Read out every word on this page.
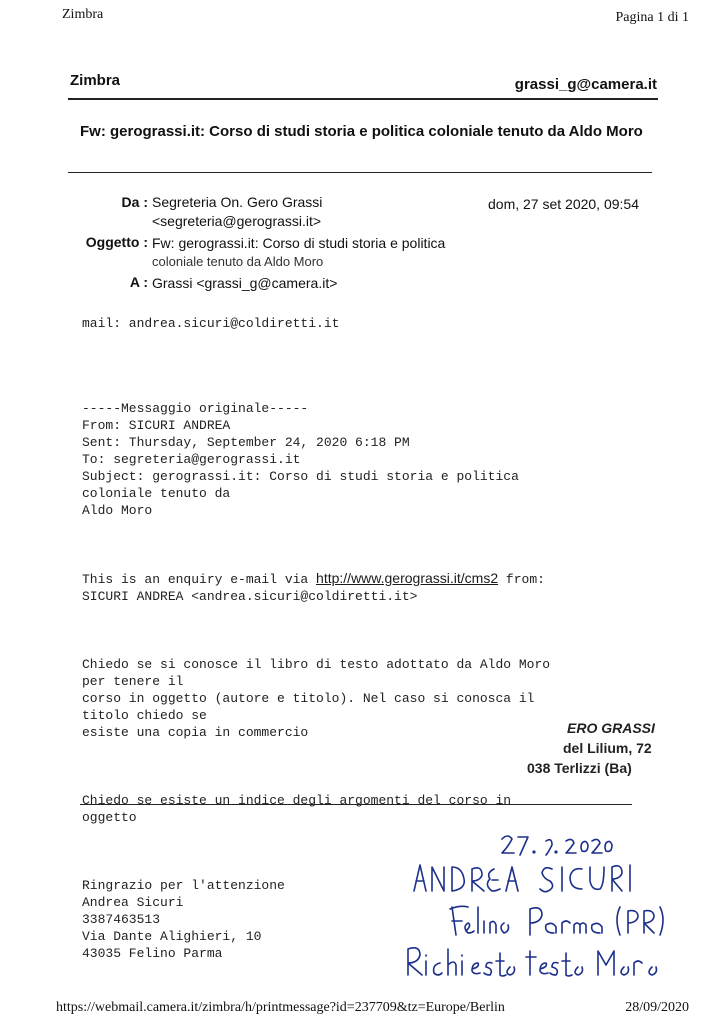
Zimbra	Pagina 1 di 1
Zimbra	grassi_g@camera.it
Fw: gerograssi.it: Corso di studi storia e politica coloniale tenuto da Aldo Moro
Da : Segreteria On. Gero Grassi
<segreteria@gerograssi.it>
dom, 27 set 2020, 09:54
Oggetto : Fw: gerograssi.it: Corso di studi storia e politica
coloniale tenuto da Aldo Moro
A : Grassi <grassi_g@camera.it>

mail: andrea.sicuri@coldiretti.it

-----Messaggio originale-----
From: SICURI ANDREA
Sent: Thursday, September 24, 2020 6:18 PM
To: segreteria@gerograssi.it
Subject: gerograssi.it: Corso di studi storia e politica
coloniale tenuto da
Aldo Moro

This is an enquiry e-mail via http://www.gerograssi.it/cms2 from:
SICURI ANDREA <andrea.sicuri@coldiretti.it>

Chiedo se si conosce il libro di testo adottato da Aldo Moro
per tenere il
corso in oggetto (autore e titolo). Nel caso si conosca il
titolo chiedo se
esiste una copia in commercio

Chiedo se esiste un indice degli argomenti del corso in
oggetto

Ringrazio per l'attenzione
Andrea Sicuri
3387463513
Via Dante Alighieri, 10
43035 Felino Parma

ERO GRASSI
del Lilium, 72
038 Terlizzi (Ba)
https://webmail.camera.it/zimbra/h/printmessage?id=237709&tz=Europe/Berlin	28/09/2020
